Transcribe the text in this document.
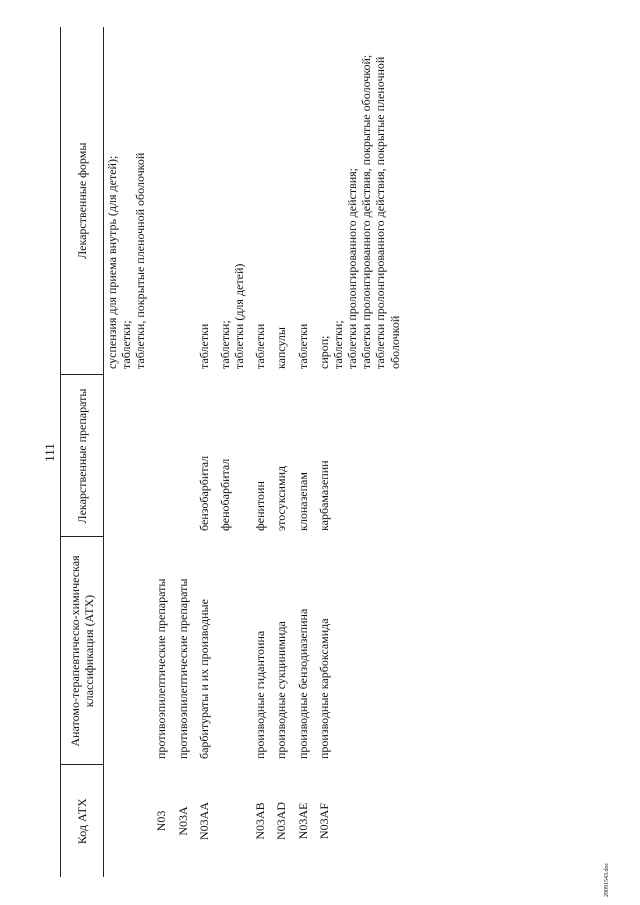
111
Код АТХ	Анатомо-терапевтическо-химическая классификация (АТХ)	Лекарственные препараты	Лекарственные формы

			суспензия для приема внутрь (для детей); таблетки; таблетки, покрытые пленочной оболочкой

N03	противоэпилептические препараты		
N03A	противоэпилептические препараты		
N03AA	барбитураты и их производные	бензобарбитал	таблетки

		фенобарбитал	таблетки; таблетки (для детей)

N03AB	производные гидантоина	фенитоин	таблетки

N03AD	производные сукцинимида	этосуксимид	капсулы

N03AE	производные бензодиазепина	клоназепам	таблетки

N03AF	производные карбоксамида	карбамазепин	сироп; таблетки; таблетки пролонгированного действия; таблетки пролонгированного действия, покрытые оболочкой; таблетки пролонгированного действия, покрытые пленочной оболочкой
29091543.doc
